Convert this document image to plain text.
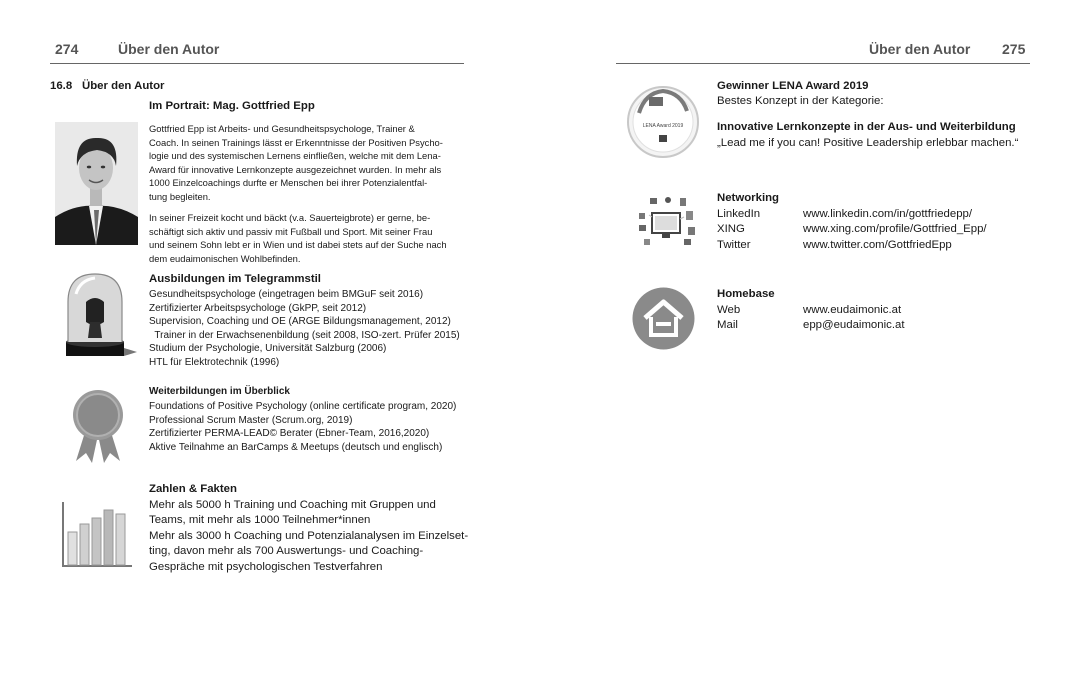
274	Über den Autor
16.8 Über den Autor
Im Portrait: Mag. Gottfried Epp
Gottfried Epp ist Arbeits- und Gesundheitspsychologe, Trainer &
Coach. In seinen Trainings lässt er Erkenntnisse der Positiven Psycho-
logie und des systemischen Lernens einfließen, welche mit dem Lena-
Award für innovative Lernkonzepte ausgezeichnet wurden. In mehr als
1000 Einzelcoachings durfte er Menschen bei ihrer Potenzialentfal-
tung begleiten.
In seiner Freizeit kocht und bäckt (v.a. Sauerteigbrote) er gerne, be-
schäftigt sich aktiv und passiv mit Fußball und Sport. Mit seiner Frau
und seinem Sohn lebt er in Wien und ist dabei stets auf der Suche nach
dem eudaimonischen Wohlbefinden.
Ausbildungen im Telegrammstil
Gesundheitspsychologe (eingetragen beim BMGuF seit 2016)
Zertifizierter Arbeitspsychologe (GkPP, seit 2012)
Supervision, Coaching und OE (ARGE Bildungsmanagement, 2012)
Trainer in der Erwachsenenbildung (seit 2008, ISO-zert. Prüfer 2015)
Studium der Psychologie, Universität Salzburg (2006)
HTL für Elektrotechnik (1996)
Weiterbildungen im Überblick
Foundations of Positive Psychology (online certificate program, 2020)
Professional Scrum Master (Scrum.org, 2019)
Zertifizierter PERMA-LEAD© Berater (Ebner-Team, 2016,2020)
Aktive Teilnahme an BarCamps & Meetups (deutsch und englisch)
Zahlen & Fakten
Mehr als 5000 h Training und Coaching mit Gruppen und
Teams, mit mehr als 1000 Teilnehmer*innen
Mehr als 3000 h Coaching und Potenzialanalysen im Einzelset-
ting, davon mehr als 700 Auswertungs- und Coaching-
Gespräche mit psychologischen Testverfahren
Über den Autor 275
LENA Award 2019
Gewinner LENA Award 2019
Bestes Konzept in der Kategorie:
Innovative Lernkonzepte in der Aus- und Weiterbildung
„Lead me if you can! Positive Leadership erlebbar machen.“
Networking
LinkedIn	www.linkedin.com/in/gottfriedepp/
XING	www.xing.com/profile/Gottfried_Epp/
Twitter	www.twitter.com/GottfriedEpp
Homebase
Web	www.eudaimonic.at
Mail	epp@eudaimonic.at
